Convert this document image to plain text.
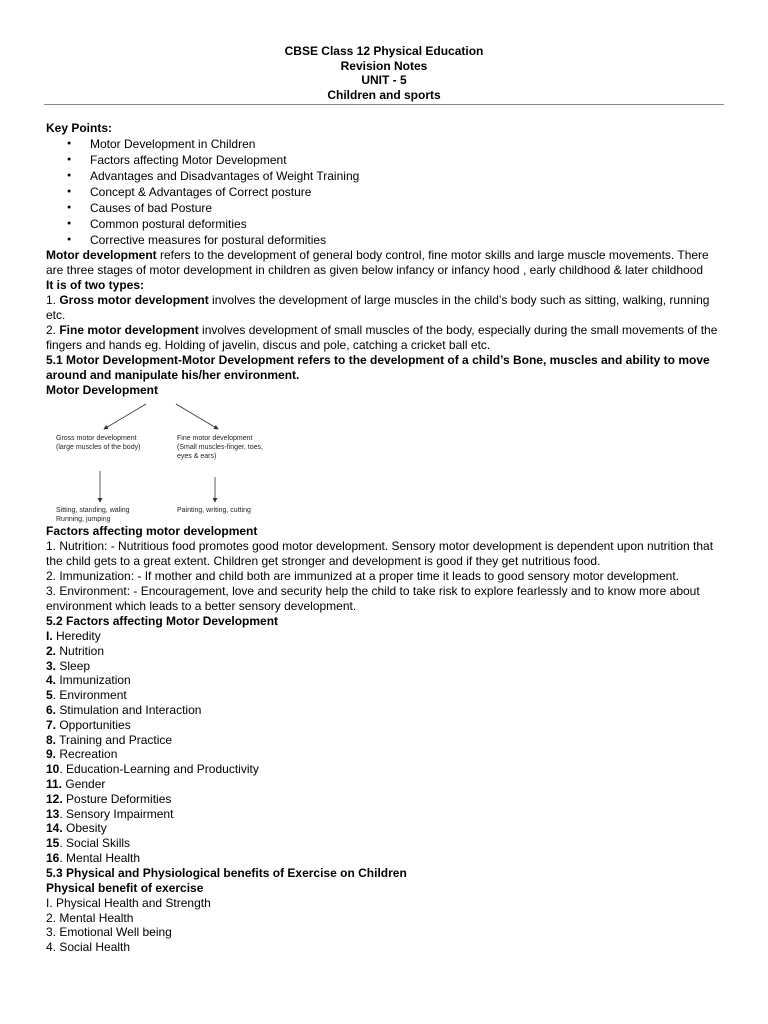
CBSE Class 12 Physical Education
Revision Notes
UNIT - 5
Children and sports
Key Points:
● Motor Development in Children
● Factors affecting Motor Development
● Advantages and Disadvantages of Weight Training
● Concept & Advantages of Correct posture
● Causes of bad Posture
● Common postural deformities
● Corrective measures for postural deformities

Motor development refers to the development of general body control, fine motor skills and large muscle movements. There are three stages of motor development in children as given below infancy or infancy hood , early childhood & later childhood

It is of two types:

1. Gross motor development involves the development of large muscles in the child’s body such as sitting, walking, running etc.

2. Fine motor development involves development of small muscles of the body, especially during the small movements of the fingers and hands eg. Holding of javelin, discus and pole, catching a cricket ball etc.

5.1 Motor Development-Motor Development refers to the development of a child’s Bone, muscles and ability to move around and manipulate his/her environment.

Motor Development

Gross motor development
(large muscles of the body)
Fine motor development
(Small muscles-finger, toes,
eyes & ears)
Sitting, standing, waling
Running, jumping
Painting, writing, cutting

Factors affecting motor development

1. Nutrition: - Nutritious food promotes good motor development. Sensory motor development is dependent upon nutrition that the child gets to a great extent. Children get stronger and development is good if they get nutritious food.

2. Immunization: - If mother and child both are immunized at a proper time it leads to good sensory motor development.

3. Environment: - Encouragement, love and security help the child to take risk to explore fearlessly and to know more about environment which leads to a better sensory development.

5.2 Factors affecting Motor Development

I. Heredity

2. Nutrition

3. Sleep

4. Immunization

5. Environment

6. Stimulation and Interaction

7. Opportunities

8. Training and Practice

9. Recreation

10. Education-Learning and Productivity

11. Gender

12. Posture Deformities

13. Sensory Impairment

14. Obesity

15. Social Skills

16. Mental Health

5.3 Physical and Physiological benefits of Exercise on Children

Physical benefit of exercise

I. Physical Health and Strength

2. Mental Health

3. Emotional Well being

4. Social Health
